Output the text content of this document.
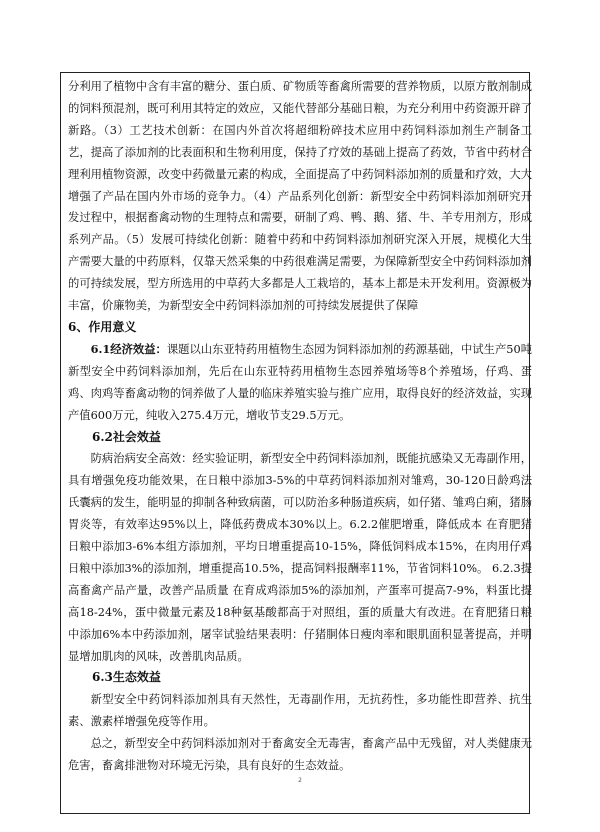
分利用了植物中含有丰富的糖分、蛋白质、矿物质等畜禽所需要的营养物质，以原方散剂制成的饲料预混剂，既可利用其特定的效应，又能代替部分基础日粮，为充分利用中药资源开辟了新路。（3）工艺技术创新：在国内外首次将超细粉碎技术应用中药饲料添加剂生产制备工艺，提高了添加剂的比表面积和生物利用度，保持了疗效的基础上提高了药效，节省中药材合理利用植物资源，改变中药微量元素的构成，全面提高了中药饲料添加剂的质量和疗效，大大增强了产品在国内外市场的竞争力。（4）产品系列化创新：新型安全中药饲料添加剂研究开发过程中，根据畜禽动物的生理特点和需要，研制了鸡、鸭、鹅、猪、牛、羊专用剂方，形成系列产品。（5）发展可持续化创新：随着中药和中药饲料添加剂研究深入开展，规模化大生产需要大量的中药原料，仅靠天然采集的中药很难满足需要，为保障新型安全中药饲料添加剂的可持续发展，型方所选用的中草药大多都是人工栽培的，基本上都是未开发利用。资源极为丰富，价廉物美，为新型安全中药饲料添加剂的可持续发展提供了保障

6、作用意义

6.1经济效益：课题以山东亚特药用植物生态园为饲料添加剂的药源基础，中试生产50吨新型安全中药饲料添加剂，先后在山东亚特药用植物生态园养殖场等8个养殖场，仔鸡、蛋鸡、肉鸡等畜禽动物的饲养做了人量的临床养殖实验与推广应用，取得良好的经济效益，实现产值600万元，纯收入275.4万元，增收节支29.5万元。

6.2社会效益

防病治病安全高效：经实验证明，新型安全中药饲料添加剂，既能抗感染又无毒副作用，具有增强免疫功能效果，在日粮中添加3-5%的中草药饲料添加剂对雏鸡，30-120日龄鸡法氏囊病的发生，能明显的抑制各种致病菌，可以防治多种肠道疾病，如仔猪、雏鸡白痢，猪肠胃炎等，有效率达95%以上，降低药费成本30%以上。6.2.2催肥增重，降低成本 在育肥猪日粮中添加3-6%本组方添加剂，平均日增重提高10-15%，降低饲料成本15%，在肉用仔鸡日粮中添加3%的添加剂，增重提高10.5%，提高饲料报酬率11%，节省饲料10%。 6.2.3提高畜禽产品产量，改善产品质量 在育成鸡添加5%的添加剂，产蛋率可提高7-9%，料蛋比提高18-24%，蛋中微量元素及18种氨基酸都高于对照组，蛋的质量大有改进。在育肥猪日粮中添加6%本中药添加剂，屠宰试验结果表明：仔猪胴体日瘦肉率和眼肌面积显著提高，并明显增加肌肉的风味，改善肌肉品质。

6.3生态效益

新型安全中药饲料添加剂具有天然性，无毒副作用，无抗药性，多功能性即营养、抗生素、激素样增强免疫等作用。

总之，新型安全中药饲料添加剂对于畜禽安全无毒害，畜禽产品中无残留，对人类健康无危害，畜禽排泄物对环境无污染，具有良好的生态效益。

2
